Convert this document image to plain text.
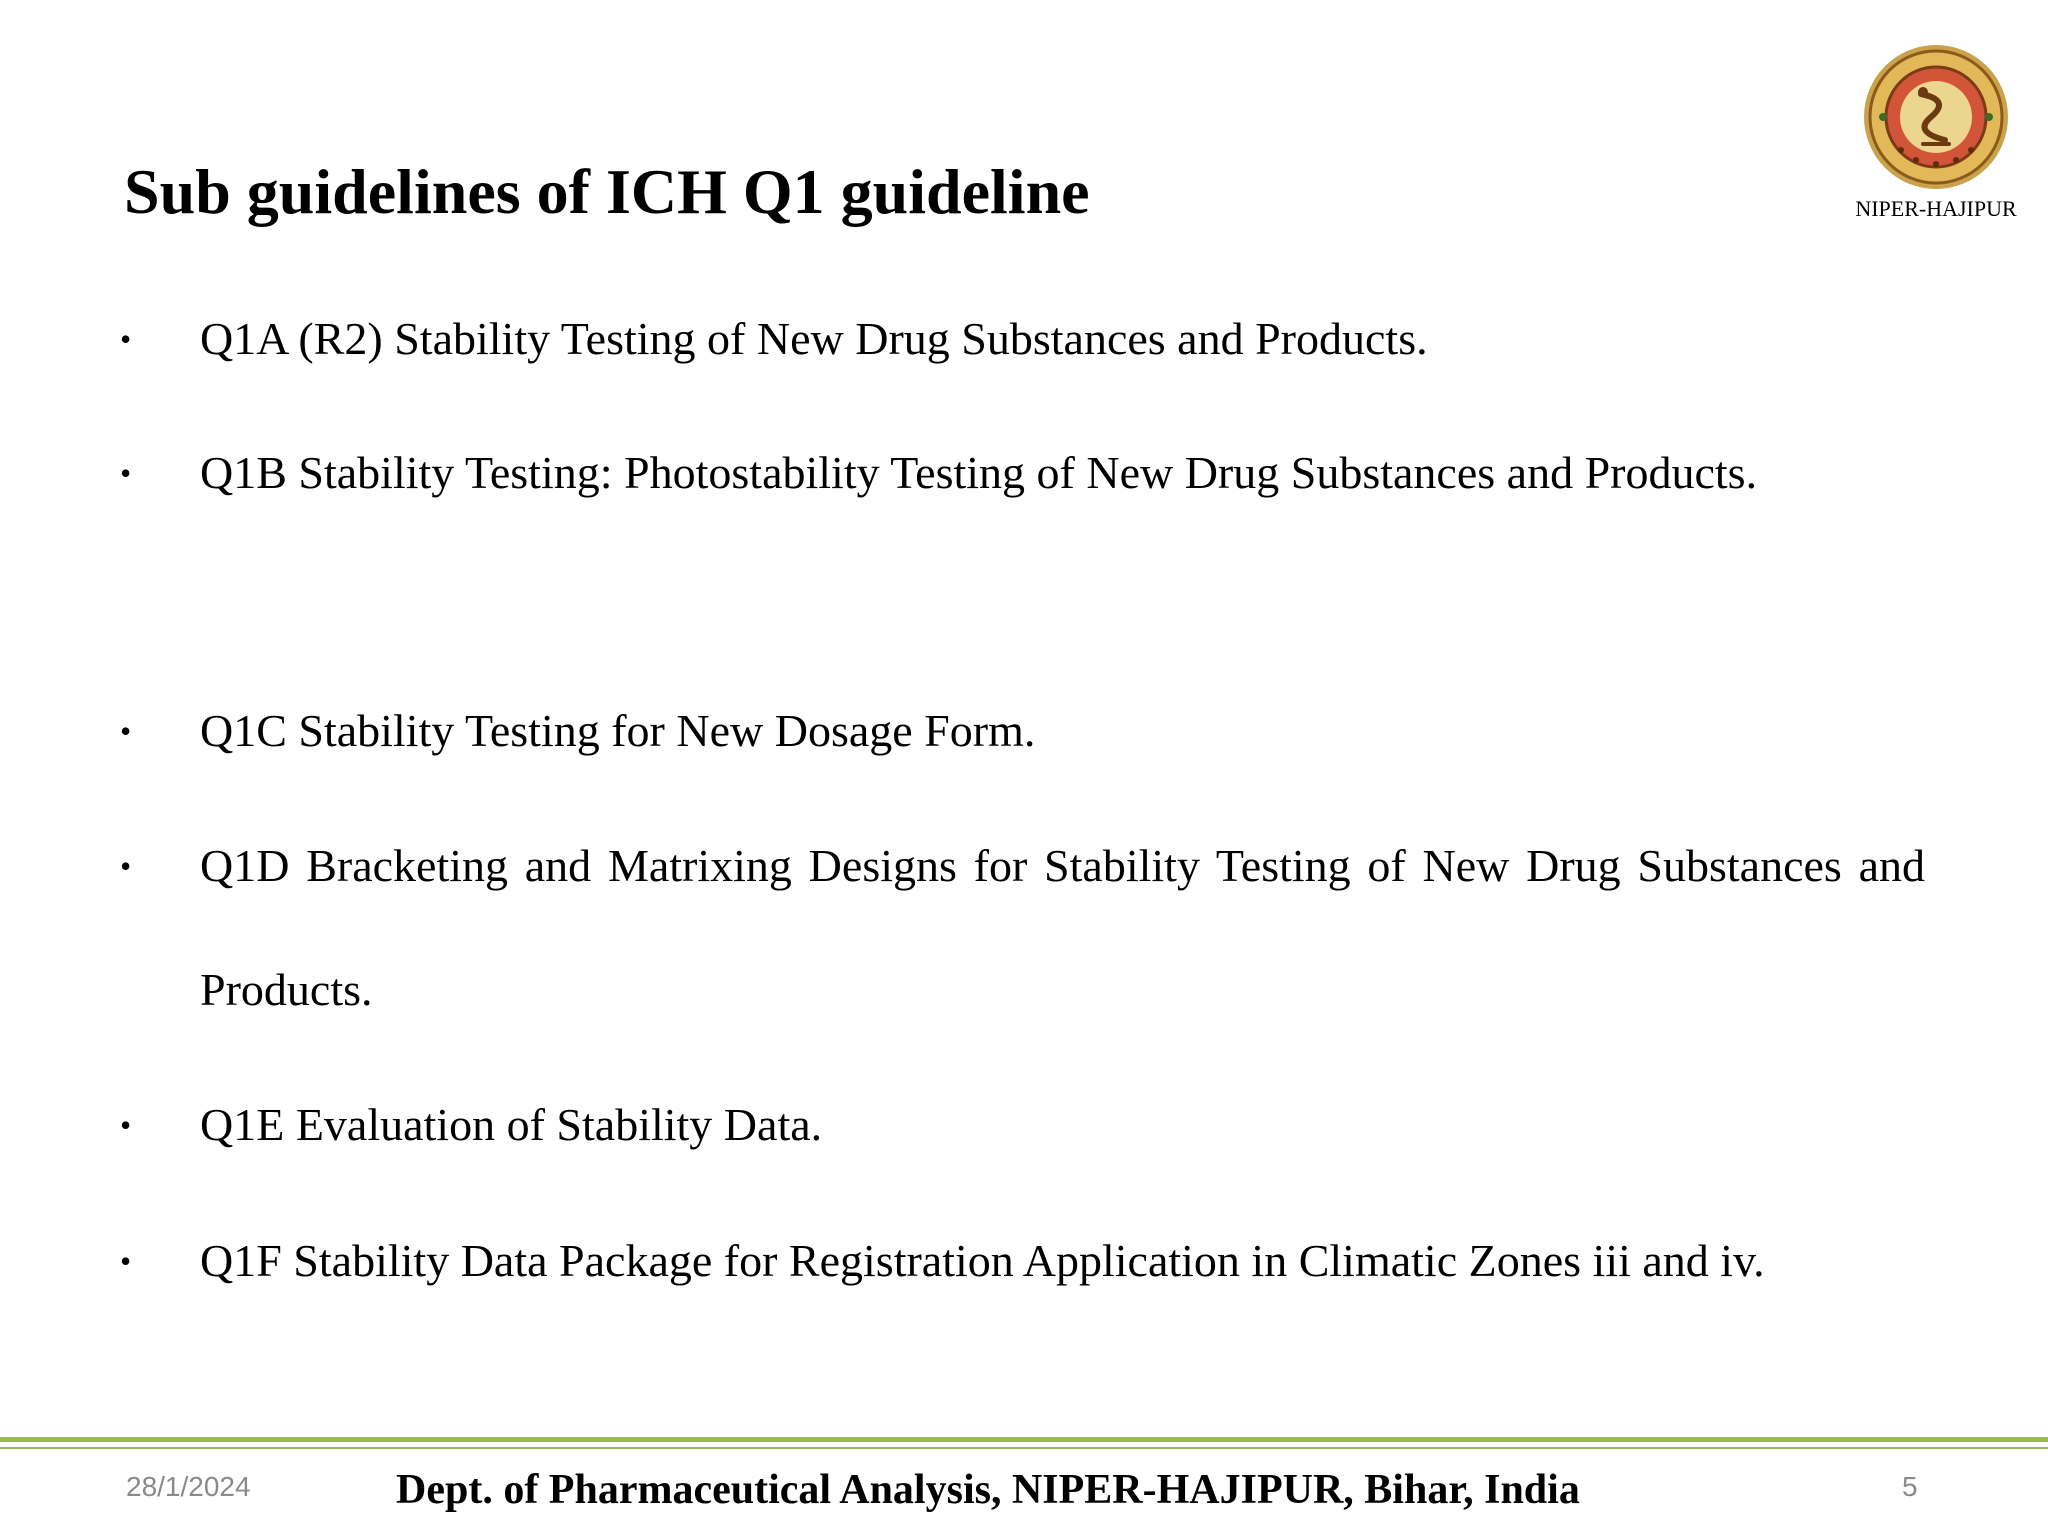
Sub guidelines of ICH Q1 guideline	NIPER-HAJIPUR
• Q1A (R2) Stability Testing of New Drug Substances and Products.
• Q1B Stability Testing: Photostability Testing of New Drug Substances and Products.
• Q1C Stability Testing for New Dosage Form.
• Q1D Bracketing and Matrixing Designs for Stability Testing of New Drug Substances and Products.
• Q1E Evaluation of Stability Data.
• Q1F Stability Data Package for Registration Application in Climatic Zones iii and iv.
28/1/2024	Dept. of Pharmaceutical Analysis, NIPER-HAJIPUR, Bihar, India	5
